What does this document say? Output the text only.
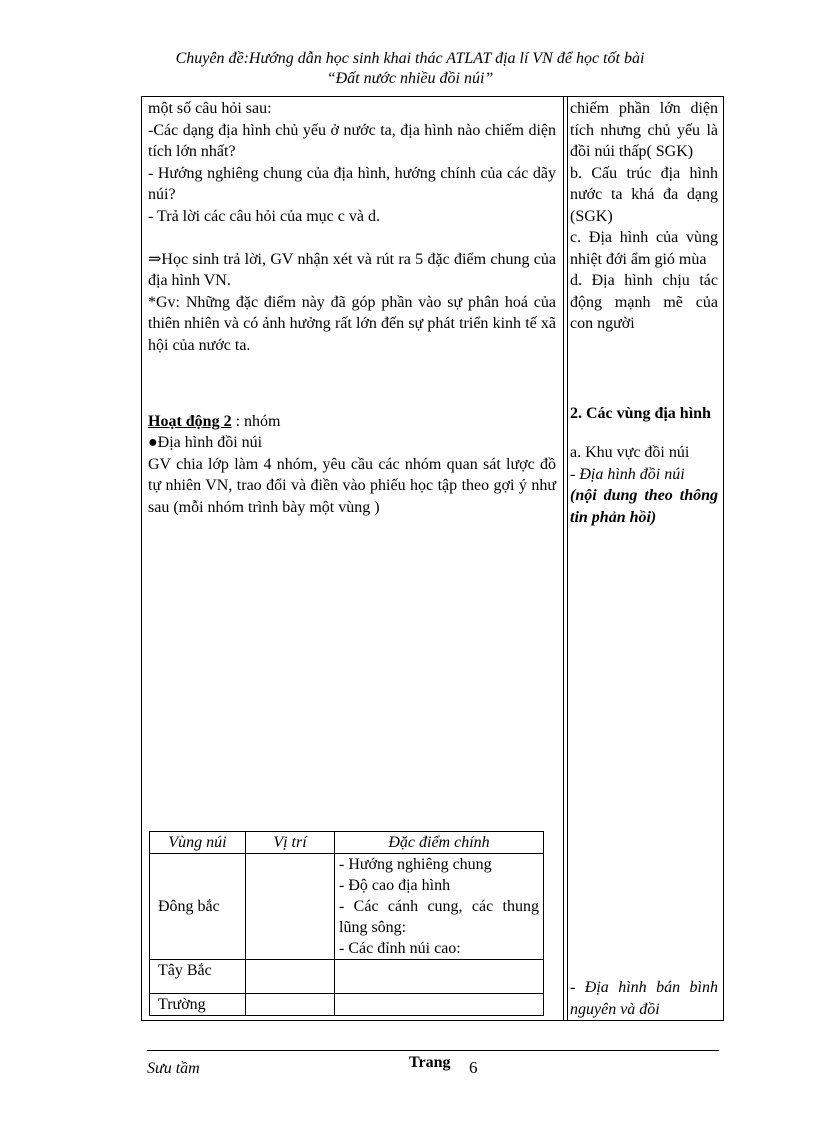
Chuyên đề:Hướng dẫn học sinh khai thác ATLAT địa lí VN để học tốt bài
“Đất nước nhiều đồi núi”

một số câu hỏi sau:

-Các dạng địa hình chủ yếu ở nước ta, địa hình nào chiếm diện tích lớn nhất?

- Hướng nghiêng chung của địa hình, hướng chính của các dãy núi?

- Trả lời các câu hỏi của mục c và d.

⇒Học sinh trả lời, GV nhận xét và rút ra 5 đặc điểm chung của địa hình VN.

*Gv: Những đặc điểm này đã góp phần vào sự phân hoá của thiên nhiên và có ảnh hưởng rất lớn đến sự phát triển kinh tế xã hội của nước ta.

Hoạt động 2 : nhóm

●Địa hình đồi núi

GV chia lớp làm 4 nhóm, yêu cầu các nhóm quan sát lược đồ tự nhiên VN, trao đổi và điền vào phiếu học tập theo gợi ý như sau (mỗi nhóm trình bày một vùng )

chiếm phần lớn diện tích nhưng chủ yếu là đồi núi thấp( SGK)

b. Cấu trúc địa hình nước ta khá đa dạng (SGK)

c. Địa hình của vùng nhiệt đới ẩm gió mùa

d. Địa hình chịu tác động mạnh mẽ của con người

2. Các vùng địa hình

a. Khu vực đồi núi

- Địa hình đồi núi

(nội dung theo thông tin phản hồi)

- Địa hình bán bình nguyên và đồi
Vùng núi	Vị trí	Đặc điểm chính
Đông bắc		- Hướng nghiêng chung
- Độ cao địa hình
- Các cánh cung, các thung lũng sông:
- Các đỉnh núi cao:

Tây Bắc		
Trường		
Sưu tầm	Trang 6
